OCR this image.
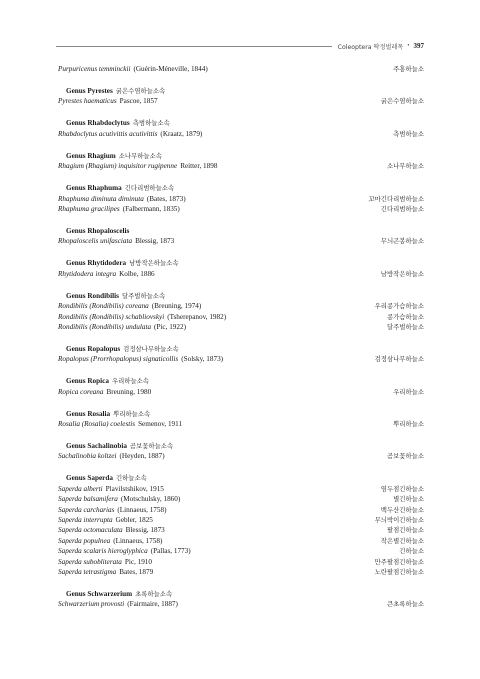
Coleoptera 딱정벌레목 • 397
Purpuricenus temminckii (Guérin-Méneville, 1844)	주홍하늘소
Genus Pyrestes 굵은수염하늘소속
Pyrestes haematicus Pascoe, 1857	굵은수염하늘소
Genus Rhabdoclytus 측범하늘소속
Rhabdoclytus acutivittis acutivittis (Kraatz, 1879)	측범하늘소
Genus Rhagium 소나무하늘소속
Rhagium (Rhagium) inquisitor rugipenne Reitter, 1898	소나무하늘소
Genus Rhaphuma 긴다리범하늘소속
Rhaphuma diminuta diminuta (Bates, 1873)	꼬마긴다리범하늘소
Rhaphuma gracilipes (Falbermann, 1835)	긴다리범하늘소
Genus Rhopaloscelis
Rhopaloscelis unifasciata Blessig, 1873	무늬곤봉하늘소
Genus Rhytidodera 남방작은하늘소속
Rhytidodera integra Kolbe, 1886	남방작은하늘소
Genus Rondibilis 달주벌하늘소속
Rondibilis (Rondibilis) coreana (Breuning, 1974)	우리콩가슴하늘소
Rondibilis (Rondibilis) schabliovskyi (Tsherepanov, 1982)	콩가슴하늘소
Rondibilis (Rondibilis) undulata (Pic, 1922)	달주벌하늘소
Genus Ropalopus 검정삼나무하늘소속
Ropalopus (Prorrhopalopus) signaticollis (Solsky, 1873)	검정삼나무하늘소
Genus Ropica 우리하늘소속
Ropica coreana Breuning, 1980	우리하늘소
Genus Rosalia 뿌리하늘소속
Rosalia (Rosalia) coelestis Semenov, 1911	뿌리하늘소
Genus Sachalinobia 곰보꽃하늘소속
Sachalinobia koltzei (Heyden, 1887)	곰보꽃하늘소
Genus Saperda 긴하늘소속
Saperda alberti Plavilstshikov, 1915	염두점긴하늘소
Saperda balsamifera (Motschulsky, 1860)	별긴하늘소
Saperda carcharias (Linnaeus, 1758)	백두산긴하늘소
Saperda interrupta Gebler, 1825	무늬박이긴하늘소
Saperda octomaculata Blessig, 1873	팔점긴하늘소
Saperda populnea (Linnaeus, 1758)	작은별긴하늘소
Saperda scalaris hieroglyphica (Pallas, 1773)	긴하늘소
Saperda subobliterata Pic, 1910	만주팔점긴하늘소
Saperda tetrastigma Bates, 1879	노란팔점긴하늘소
Genus Schwarzerium 초록하늘소속
Schwarzerium provosti (Fairmaire, 1887)	큰초록하늘소
